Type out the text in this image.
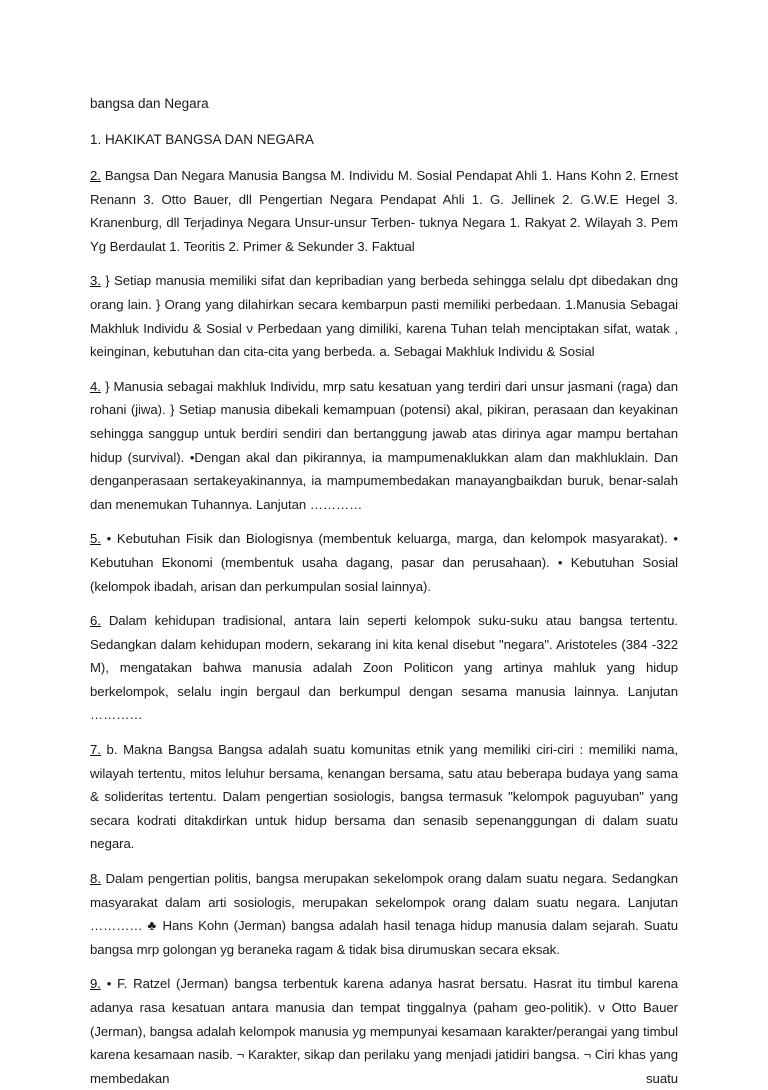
bangsa dan Negara
1. HAKIKAT BANGSA DAN NEGARA

2. Bangsa Dan Negara Manusia Bangsa M. Individu M. Sosial Pendapat Ahli 1. Hans Kohn 2. Ernest Renann 3. Otto Bauer, dll Pengertian Negara Pendapat Ahli 1. G. Jellinek 2. G.W.E Hegel 3. Kranenburg, dll Terjadinya Negara Unsur-unsur Terben- tuknya Negara 1. Rakyat 2. Wilayah 3. Pem Yg Berdaulat 1. Teoritis 2. Primer & Sekunder 3. Faktual

3. } Setiap manusia memiliki sifat dan kepribadian yang berbeda sehingga selalu dpt dibedakan dng orang lain. } Orang yang dilahirkan secara kembarpun pasti memiliki perbedaan. 1.Manusia Sebagai Makhluk Individu & Sosial ν Perbedaan yang dimiliki, karena Tuhan telah menciptakan sifat, watak , keinginan, kebutuhan dan cita-cita yang berbeda. a. Sebagai Makhluk Individu & Sosial

4. } Manusia sebagai makhluk Individu, mrp satu kesatuan yang terdiri dari unsur jasmani (raga) dan rohani (jiwa). } Setiap manusia dibekali kemampuan (potensi) akal, pikiran, perasaan dan keyakinan sehingga sanggup untuk berdiri sendiri dan bertanggung jawab atas dirinya agar mampu bertahan hidup (survival). •Dengan akal dan pikirannya, ia mampumenaklukkan alam dan makhluklain. Dan denganperasaan sertakeyakinannya, ia mampumembedakan manayangbaikdan buruk, benar-salah dan menemukan Tuhannya. Lanjutan …………

5. • Kebutuhan Fisik dan Biologisnya (membentuk keluarga, marga, dan kelompok masyarakat). • Kebutuhan Ekonomi (membentuk usaha dagang, pasar dan perusahaan). • Kebutuhan Sosial (kelompok ibadah, arisan dan perkumpulan sosial lainnya).

6. Dalam kehidupan tradisional, antara lain seperti kelompok suku-suku atau bangsa tertentu. Sedangkan dalam kehidupan modern, sekarang ini kita kenal disebut "negara". Aristoteles (384 -322 M), mengatakan bahwa manusia adalah Zoon Politicon yang artinya mahluk yang hidup berkelompok, selalu ingin bergaul dan berkumpul dengan sesama manusia lainnya. Lanjutan …………

7. b. Makna Bangsa Bangsa adalah suatu komunitas etnik yang memiliki ciri-ciri : memiliki nama, wilayah tertentu, mitos leluhur bersama, kenangan bersama, satu atau beberapa budaya yang sama & solideritas tertentu. Dalam pengertian sosiologis, bangsa termasuk "kelompok paguyuban" yang secara kodrati ditakdirkan untuk hidup bersama dan senasib sepenanggungan di dalam suatu negara.

8. Dalam pengertian politis, bangsa merupakan sekelompok orang dalam suatu negara. Sedangkan masyarakat dalam arti sosiologis, merupakan sekelompok orang dalam suatu negara. Lanjutan ………… ♣ Hans Kohn (Jerman) bangsa adalah hasil tenaga hidup manusia dalam sejarah. Suatu bangsa mrp golongan yg beraneka ragam & tidak bisa dirumuskan secara eksak.

9. • F. Ratzel (Jerman) bangsa terbentuk karena adanya hasrat bersatu. Hasrat itu timbul karena adanya rasa kesatuan antara manusia dan tempat tinggalnya (paham geo-politik). ν Otto Bauer (Jerman), bangsa adalah kelompok manusia yg mempunyai kesamaan karakter/perangai yang timbul karena kesamaan nasib. ¬ Karakter, sikap dan perilaku yang menjadi jatidiri bangsa. ¬ Ciri khas yang membedakan suatu
